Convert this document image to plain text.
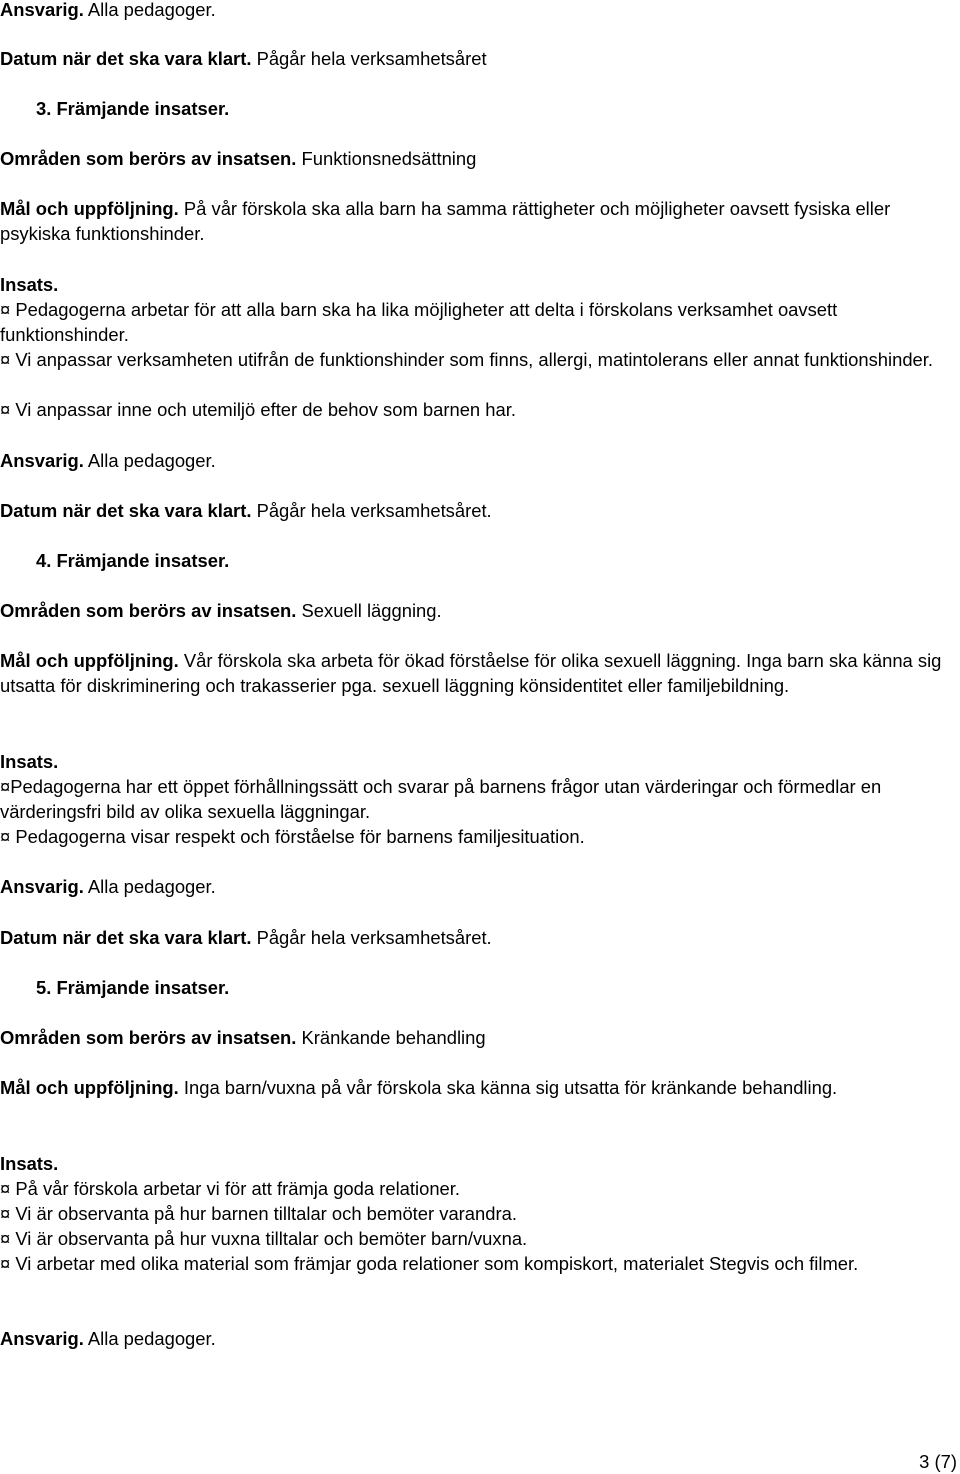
Ansvarig. Alla pedagoger.

Datum när det ska vara klart. Pågår hela verksamhetsåret

3. Främjande insatser.

Områden som berörs av insatsen. Funktionsnedsättning

Mål och uppföljning. På vår förskola ska alla barn ha samma rättigheter och möjligheter oavsett fysiska eller psykiska funktionshinder.

Insats.

¤ Pedagogerna arbetar för att alla barn ska ha lika möjligheter att delta i förskolans verksamhet oavsett funktionshinder.

¤ Vi anpassar verksamheten utifrån de funktionshinder som finns, allergi, matintolerans eller annat funktionshinder.

¤ Vi anpassar inne och utemiljö efter de behov som barnen har.

Ansvarig. Alla pedagoger.

Datum när det ska vara klart. Pågår hela verksamhetsåret.

4. Främjande insatser.

Områden som berörs av insatsen. Sexuell läggning.

Mål och uppföljning. Vår förskola ska arbeta för ökad förståelse för olika sexuell läggning. Inga barn ska känna sig utsatta för diskriminering och trakasserier pga. sexuell läggning könsidentitet eller familjebildning.

Insats.

¤Pedagogerna har ett öppet förhållningssätt och svarar på barnens frågor utan värderingar och förmedlar en värderingsfri bild av olika sexuella läggningar.

¤ Pedagogerna visar respekt och förståelse för barnens familjesituation.

Ansvarig. Alla pedagoger.

Datum när det ska vara klart. Pågår hela verksamhetsåret.

5. Främjande insatser.

Områden som berörs av insatsen. Kränkande behandling

Mål och uppföljning. Inga barn/vuxna på vår förskola ska känna sig utsatta för kränkande behandling.

Insats.

¤ På vår förskola arbetar vi för att främja goda relationer.

¤ Vi är observanta på hur barnen tilltalar och bemöter varandra.

¤ Vi är observanta på hur vuxna tilltalar och bemöter barn/vuxna.

¤ Vi arbetar med olika material som främjar goda relationer som kompiskort, materialet Stegvis och filmer.

Ansvarig. Alla pedagoger.

3 (7)
